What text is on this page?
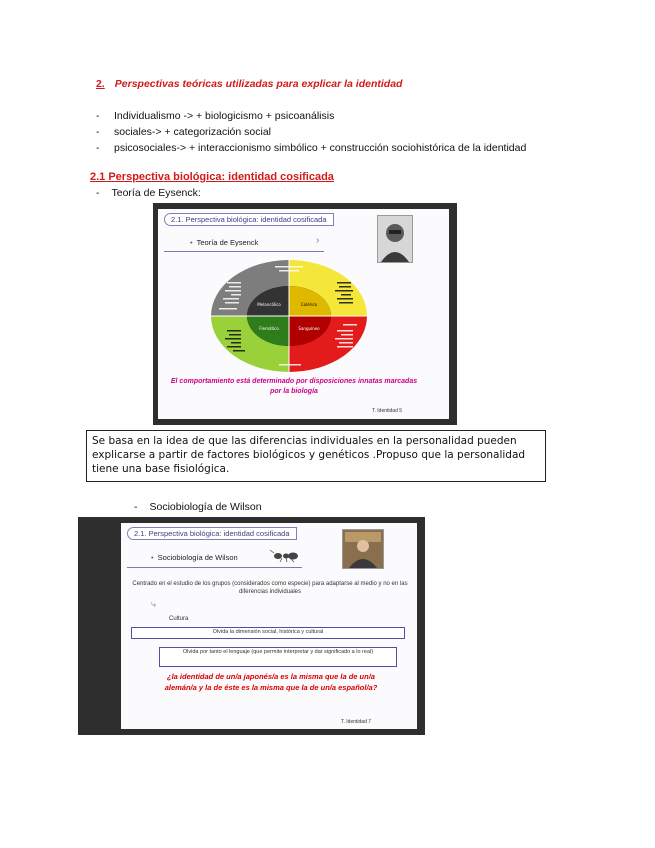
2. Perspectivas teóricas utilizadas para explicar la identidad
- Individualismo -> + biologicismo + psicoanálisis
- sociales-> + categorización social
- psicosociales-> + interaccionismo simbólico + construcción sociohistórica de la identidad
2.1 Perspectiva biológica: identidad cosificada
- Teoría de Eysenck:
2.1. Perspectiva biológica: identidad cosificada
• Teoría de Eysenck	›
Melancólico	Colérico
Flemático	Sanguíneo
El comportamiento está determinado por disposiciones innatas marcadas por la biología
T. Identidad 5
Se basa en la idea de que las diferencias individuales en la personalidad pueden explicarse a partir de factores biológicos y genéticos .Propuso que la personalidad tiene una base fisiológica.
- Sociobiología de Wilson
2.1. Perspectiva biológica: identidad cosificada
• Sociobiología de Wilson
Centrado en el estudio de los grupos (considerados como especie) para adaptarse al medio y no en las diferencias individuales
⤷
Cultura
Olvida la dimensión social, histórica y cultural
Olvida por tanto el lenguaje (que permite interpretar y dar significado a lo real)
¿la identidad de un/a japonés/a es la misma que la de un/a alemán/a y la de éste es la misma que la de un/a español/a?
T. Identidad 7
